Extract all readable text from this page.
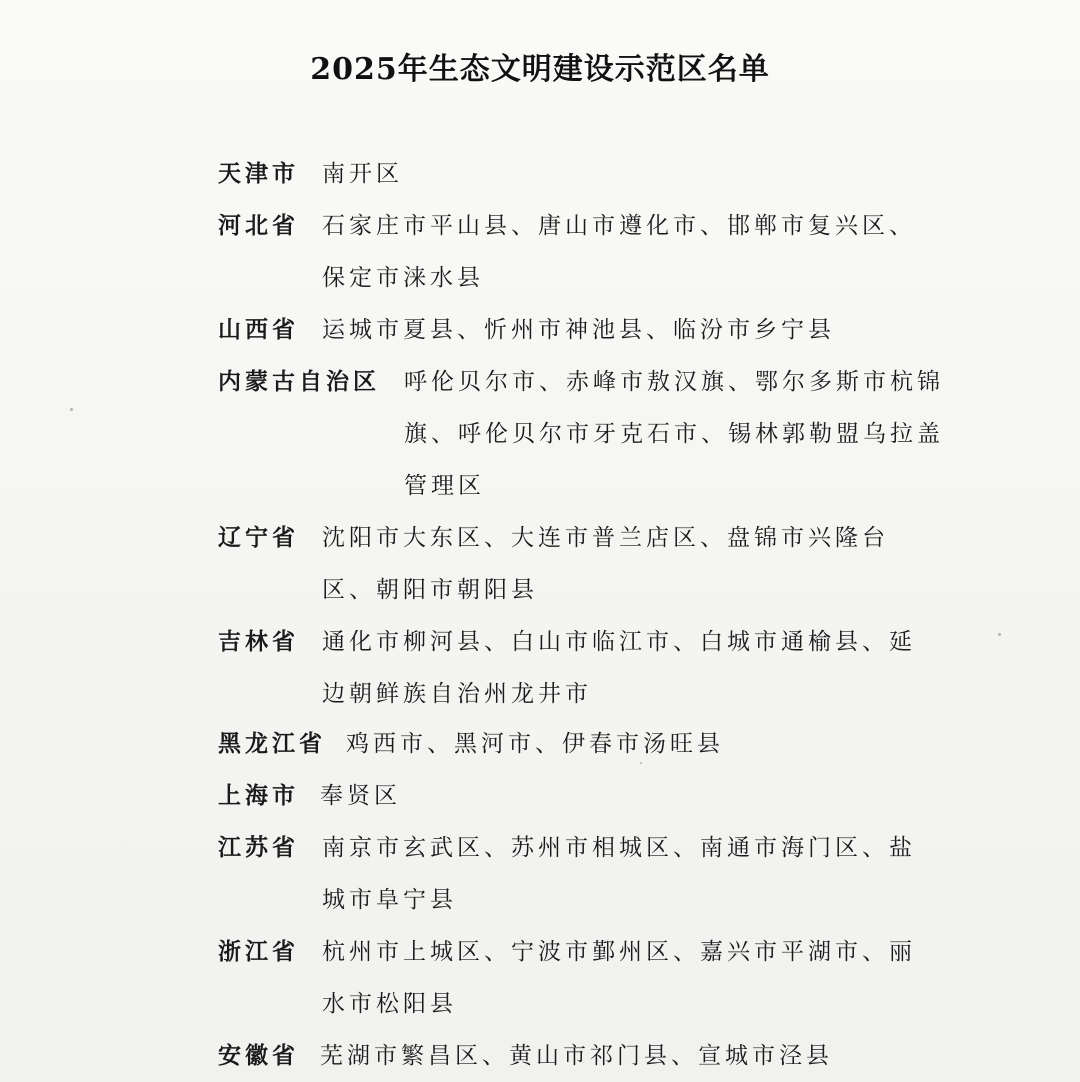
2025年生态文明建设示范区名单
天津市 南开区
河北省 石家庄市平山县、唐山市遵化市、邯郸市复兴区、保定市涞水县
山西省 运城市夏县、忻州市神池县、临汾市乡宁县
内蒙古自治区 呼伦贝尔市、赤峰市敖汉旗、鄂尔多斯市杭锦旗、呼伦贝尔市牙克石市、锡林郭勒盟乌拉盖管理区
辽宁省 沈阳市大东区、大连市普兰店区、盘锦市兴隆台区、朝阳市朝阳县
吉林省 通化市柳河县、白山市临江市、白城市通榆县、延边朝鲜族自治州龙井市
黑龙江省 鸡西市、黑河市、伊春市汤旺县
上海市 奉贤区
江苏省 南京市玄武区、苏州市相城区、南通市海门区、盐城市阜宁县
浙江省 杭州市上城区、宁波市鄞州区、嘉兴市平湖市、丽水市松阳县
安徽省 芜湖市繁昌区、黄山市祁门县、宣城市泾县
